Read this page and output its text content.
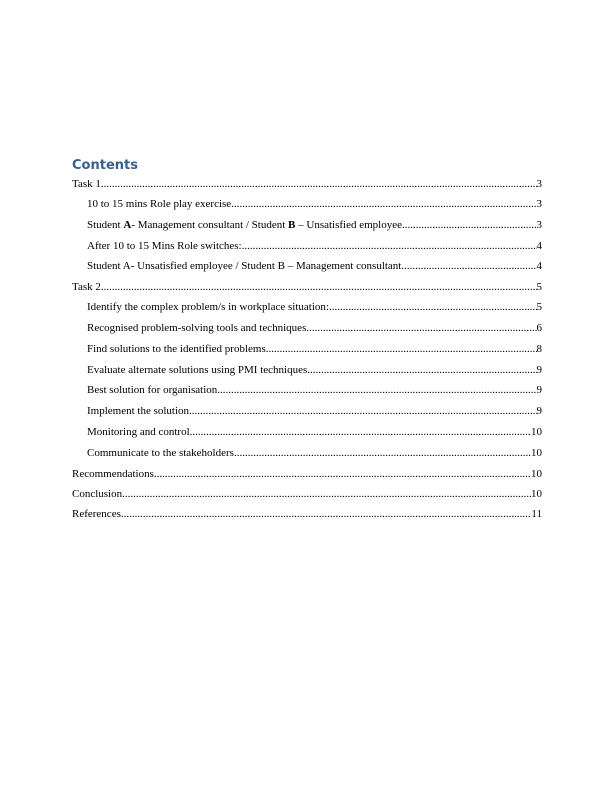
Contents
Task 1 .....	3
10 to 15 mins Role play exercise .....	3
Student A- Management consultant / Student B – Unsatisfied employee .....	3
After 10 to 15 Mins Role switches: .....	4
Student A- Unsatisfied employee / Student B – Management consultant .....	4
Task 2 .....	5
Identify the complex problem/s in workplace situation: .....	5
Recognised problem-solving tools and techniques .....	6
Find solutions to the identified problems .....	8
Evaluate alternate solutions using PMI techniques .....	9
Best solution for organisation .....	9
Implement the solution .....	9
Monitoring and control .....	10
Communicate to the stakeholders .....	10
Recommendations .....	10
Conclusion .....	10
References .....	11
